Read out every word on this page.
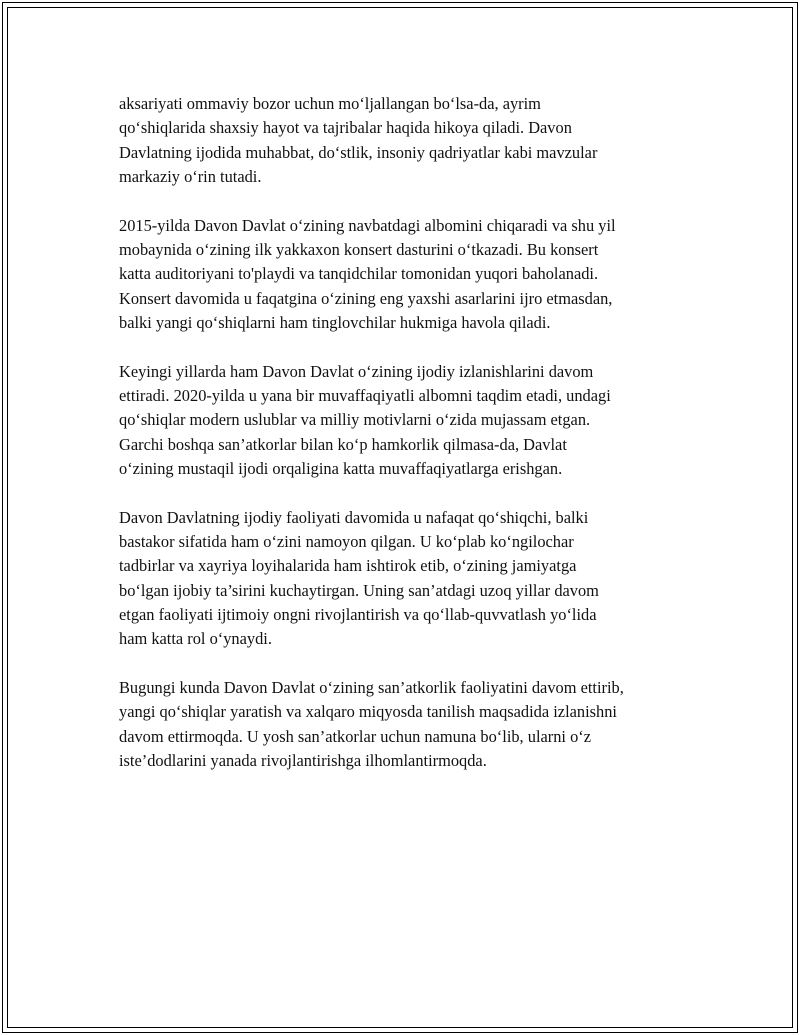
aksariyati ommaviy bozor uchun mo‘ljallangan bo‘lsa-da, ayrim
qo‘shiqlarida shaxsiy hayot va tajribalar haqida hikoya qiladi. Davon
Davlatning ijodida muhabbat, do‘stlik, insoniy qadriyatlar kabi mavzular
markaziy o‘rin tutadi.

2015-yilda Davon Davlat o‘zining navbatdagi albomini chiqaradi va shu yil
mobaynida o‘zining ilk yakkaxon konsert dasturini o‘tkazadi. Bu konsert
katta auditoriyani to'playdi va tanqidchilar tomonidan yuqori baholanadi.
Konsert davomida u faqatgina o‘zining eng yaxshi asarlarini ijro etmasdan,
balki yangi qo‘shiqlarni ham tinglovchilar hukmiga havola qiladi.

Keyingi yillarda ham Davon Davlat o‘zining ijodiy izlanishlarini davom
ettiradi. 2020-yilda u yana bir muvaffaqiyatli albomni taqdim etadi, undagi
qo‘shiqlar modern uslublar va milliy motivlarni o‘zida mujassam etgan.
Garchi boshqa san’atkorlar bilan ko‘p hamkorlik qilmasa-da, Davlat
o‘zining mustaqil ijodi orqaligina katta muvaffaqiyatlarga erishgan.

Davon Davlatning ijodiy faoliyati davomida u nafaqat qo‘shiqchi, balki
bastakor sifatida ham o‘zini namoyon qilgan. U ko‘plab ko‘ngilochar
tadbirlar va xayriya loyihalarida ham ishtirok etib, o‘zining jamiyatga
bo‘lgan ijobiy ta’sirini kuchaytirgan. Uning san’atdagi uzoq yillar davom
etgan faoliyati ijtimoiy ongni rivojlantirish va qo‘llab-quvvatlash yo‘lida
ham katta rol o‘ynaydi.

Bugungi kunda Davon Davlat o‘zining san’atkorlik faoliyatini davom ettirib,
yangi qo‘shiqlar yaratish va xalqaro miqyosda tanilish maqsadida izlanishni
davom ettirmoqda. U yosh san’atkorlar uchun namuna bo‘lib, ularni o‘z
iste’dodlarini yanada rivojlantirishga ilhomlantirmoqda.
